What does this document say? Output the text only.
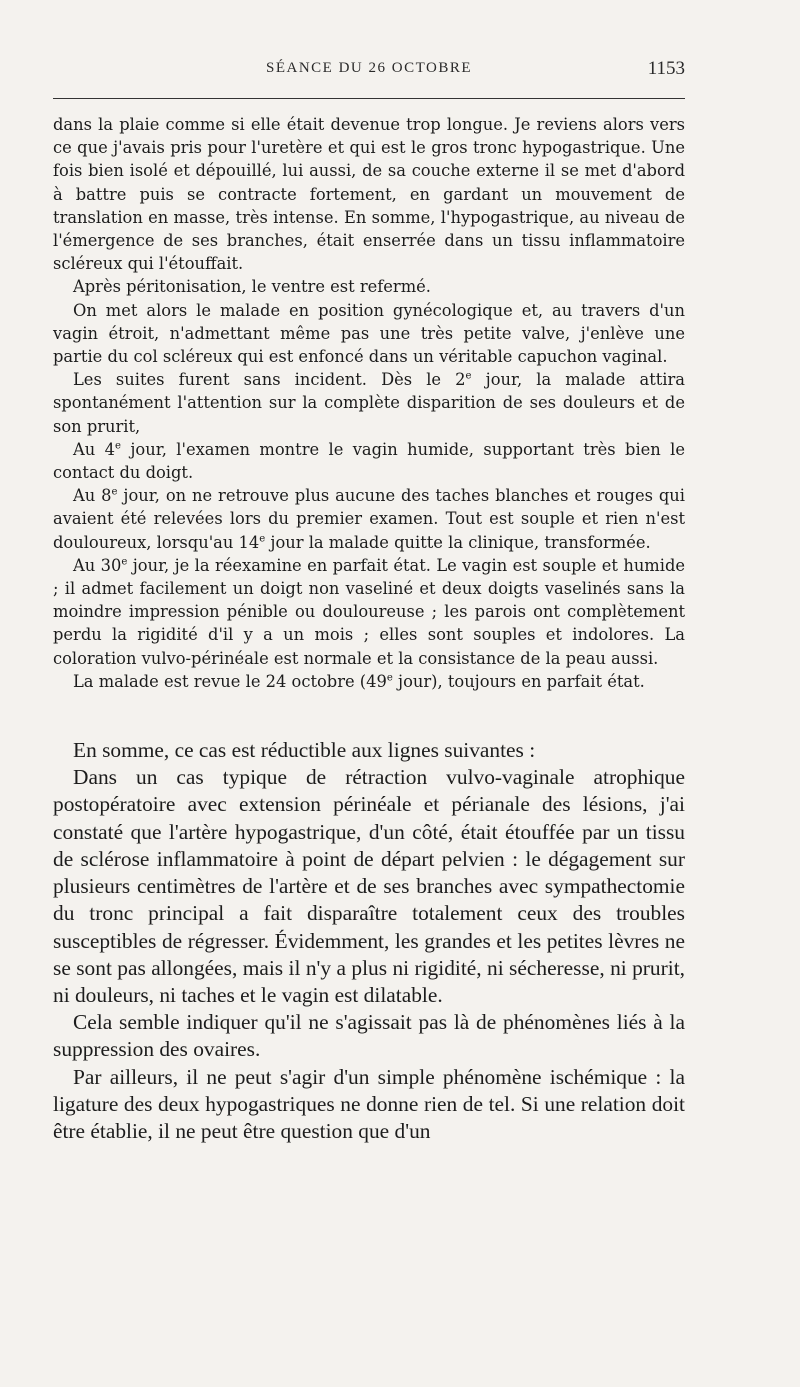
SÉANCE DU 26 OCTOBRE	1153

dans la plaie comme si elle était devenue trop longue. Je reviens alors vers ce que j'avais pris pour l'uretère et qui est le gros tronc hypogastrique. Une fois bien isolé et dépouillé, lui aussi, de sa couche externe il se met d'abord à battre puis se contracte fortement, en gardant un mouvement de translation en masse, très intense. En somme, l'hypogastrique, au niveau de l'émergence de ses branches, était enserrée dans un tissu inflammatoire scléreux qui l'étouffait.

Après péritonisation, le ventre est refermé.

On met alors le malade en position gynécologique et, au travers d'un vagin étroit, n'admettant même pas une très petite valve, j'enlève une partie du col scléreux qui est enfoncé dans un véritable capuchon vaginal.

Les suites furent sans incident. Dès le 2e jour, la malade attira spontanément l'attention sur la complète disparition de ses douleurs et de son prurit,

Au 4e jour, l'examen montre le vagin humide, supportant très bien le contact du doigt.

Au 8e jour, on ne retrouve plus aucune des taches blanches et rouges qui avaient été relevées lors du premier examen. Tout est souple et rien n'est douloureux, lorsqu'au 14e jour la malade quitte la clinique, transformée.

Au 30e jour, je la réexamine en parfait état. Le vagin est souple et humide ; il admet facilement un doigt non vaseliné et deux doigts vaselinés sans la moindre impression pénible ou douloureuse ; les parois ont complètement perdu la rigidité d'il y a un mois ; elles sont souples et indolores. La coloration vulvo-périnéale est normale et la consistance de la peau aussi.

La malade est revue le 24 octobre (49e jour), toujours en parfait état.

En somme, ce cas est réductible aux lignes suivantes :

Dans un cas typique de rétraction vulvo-vaginale atrophique postopératoire avec extension périnéale et périanale des lésions, j'ai constaté que l'artère hypogastrique, d'un côté, était étouffée par un tissu de sclérose inflammatoire à point de départ pelvien : le dégagement sur plusieurs centimètres de l'artère et de ses branches avec sympathectomie du tronc principal a fait disparaître totalement ceux des troubles susceptibles de régresser. Évidemment, les grandes et les petites lèvres ne se sont pas allongées, mais il n'y a plus ni rigidité, ni sécheresse, ni prurit, ni douleurs, ni taches et le vagin est dilatable.

Cela semble indiquer qu'il ne s'agissait pas là de phénomènes liés à la suppression des ovaires.

Par ailleurs, il ne peut s'agir d'un simple phénomène ischémique : la ligature des deux hypogastriques ne donne rien de tel. Si une relation doit être établie, il ne peut être question que d'un
